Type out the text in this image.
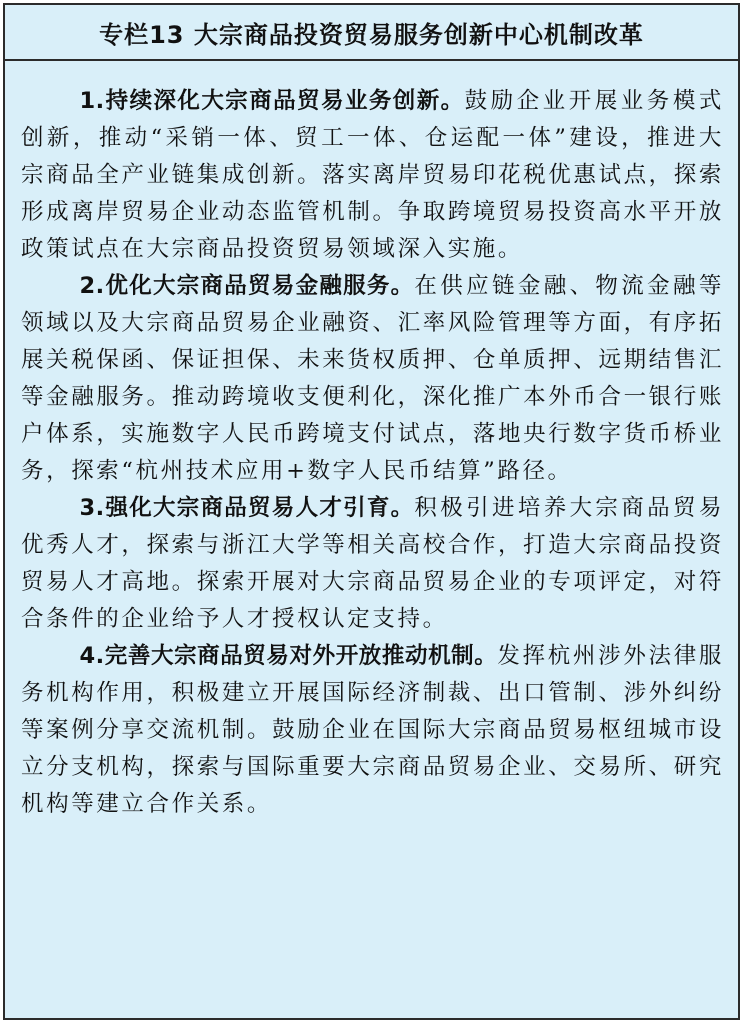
专栏13 大宗商品投资贸易服务创新中心机制改革

1.持续深化大宗商品贸易业务创新。鼓励企业开展业务模式创新，推动“采销一体、贸工一体、仓运配一体”建设，推进大宗商品全产业链集成创新。落实离岸贸易印花税优惠试点，探索形成离岸贸易企业动态监管机制。争取跨境贸易投资高水平开放政策试点在大宗商品投资贸易领域深入实施。

2.优化大宗商品贸易金融服务。在供应链金融、物流金融等领域以及大宗商品贸易企业融资、汇率风险管理等方面，有序拓展关税保函、保证担保、未来货权质押、仓单质押、远期结售汇等金融服务。推动跨境收支便利化，深化推广本外币合一银行账户体系，实施数字人民币跨境支付试点，落地央行数字货币桥业务，探索“杭州技术应用+数字人民币结算”路径。

3.强化大宗商品贸易人才引育。积极引进培养大宗商品贸易优秀人才，探索与浙江大学等相关高校合作，打造大宗商品投资贸易人才高地。探索开展对大宗商品贸易企业的专项评定，对符合条件的企业给予人才授权认定支持。

4.完善大宗商品贸易对外开放推动机制。发挥杭州涉外法律服务机构作用，积极建立开展国际经济制裁、出口管制、涉外纠纷等案例分享交流机制。鼓励企业在国际大宗商品贸易枢纽城市设立分支机构，探索与国际重要大宗商品贸易企业、交易所、研究机构等建立合作关系。
